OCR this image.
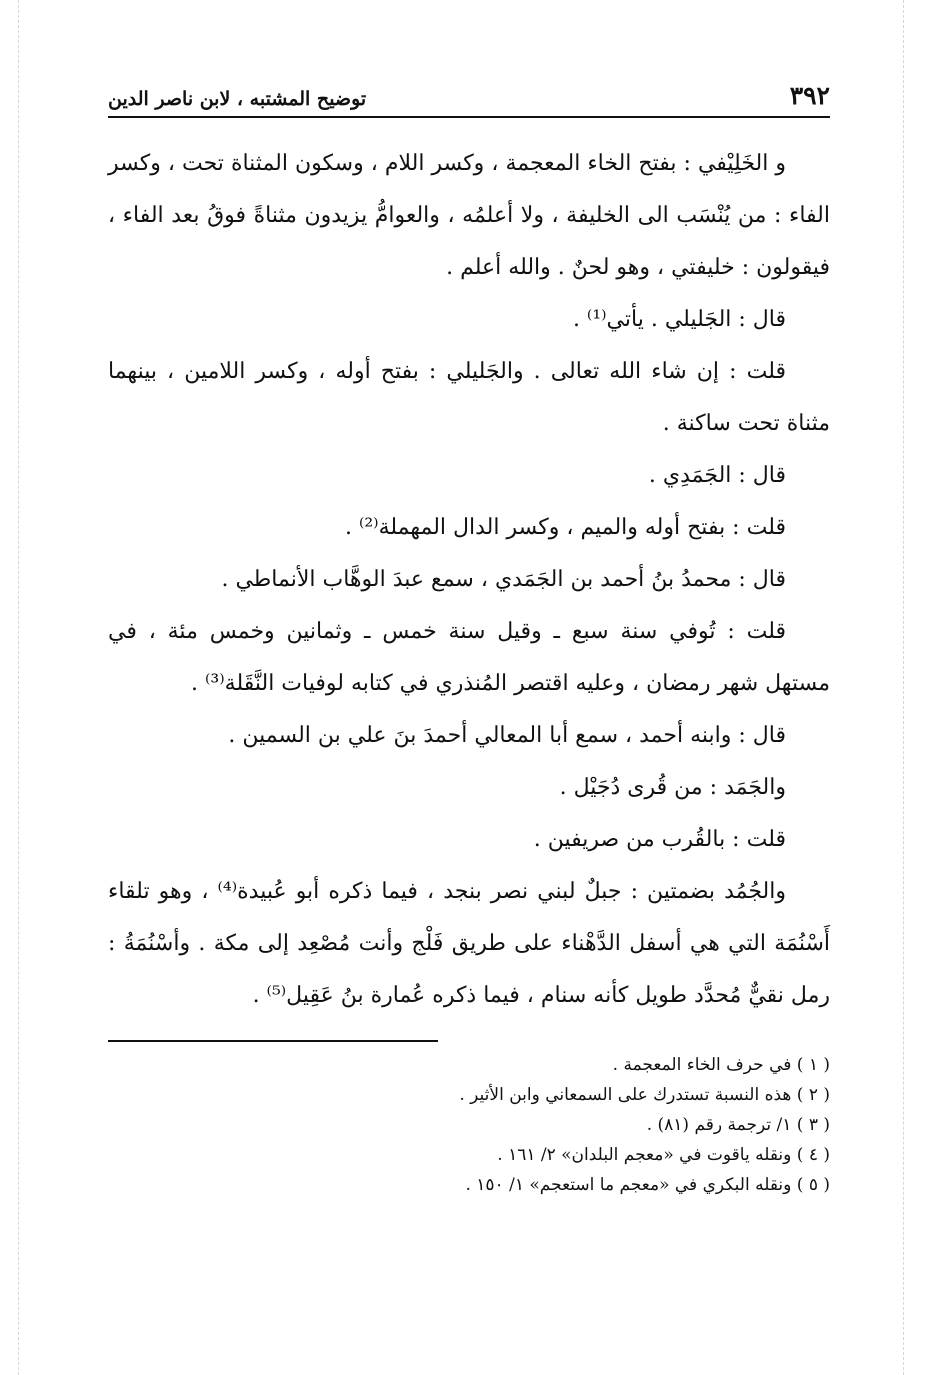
٣٩٢
توضيح المشتبه ، لابن ناصر الدين

و الخَلِيْفي : بفتح الخاء المعجمة ، وكسر اللام ، وسكون المثناة تحت ، وكسر الفاء : من يُنْسَب الى الخليفة ، ولا أعلمُه ، والعوامُّ يزيدون مثناةً فوقُ بعد الفاء ، فيقولون : خليفتي ، وهو لحنٌ . والله أعلم .

قال : الجَليلي . يأتي⁽¹⁾ .

قلت : إن شاء الله تعالى . والجَليلي : بفتح أوله ، وكسر اللامين ، بينهما مثناة تحت ساكنة .

قال : الجَمَدِي .

قلت : بفتح أوله والميم ، وكسر الدال المهملة⁽²⁾ .

قال : محمدُ بنُ أحمد بن الجَمَدي ، سمع عبدَ الوهَّاب الأنماطي .

قلت : تُوفي سنة سبع ـ وقيل سنة خمس ـ وثمانين وخمس مئة ، في مستهل شهر رمضان ، وعليه اقتصر المُنذري في كتابه لوفيات النَّقَلة⁽³⁾ .

قال : وابنه أحمد ، سمع أبا المعالي أحمدَ بنَ علي بن السمين .

والجَمَد : من قُرى دُجَيْل .

قلت : بالقُرب من صريفين .

والجُمُد بضمتين : جبلٌ لبني نصر بنجد ، فيما ذكره أبو عُبيدة⁽⁴⁾ ، وهو تلقاء أَسْنُمَة التي هي أسفل الدَّهْناء على طريق فَلْج وأنت مُصْعِد إلى مكة . وأسْنُمَةُ : رمل نقيٌّ مُحدَّد طويل كأنه سنام ، فيما ذكره عُمارة بنُ عَقِيل⁽⁵⁾ .

( ١ ) في حرف الخاء المعجمة .

( ٢ ) هذه النسبة تستدرك على السمعاني وابن الأثير .

( ٣ ) ١/ ترجمة رقم (٨١) .

( ٤ ) ونقله ياقوت في «معجم البلدان» ٢/ ١٦١ .

( ٥ ) ونقله البكري في «معجم ما استعجم» ١/ ١٥٠ .
